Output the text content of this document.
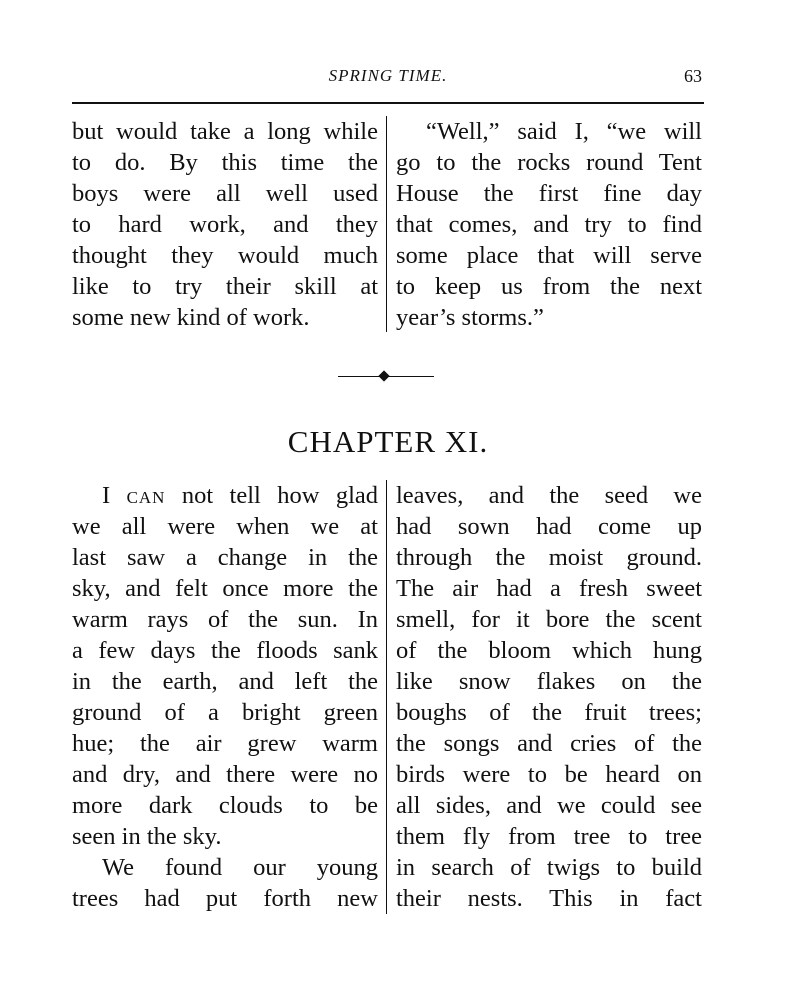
SPRING TIME.	63
but would take a long while
to do. By this time the
boys were all well used
to hard work, and they
thought they would much
like to try their skill at
some new kind of work.
“Well,” said I, “we will
go to the rocks round Tent
House the first fine day
that comes, and try to find
some place that will serve
to keep us from the next
year’s storms.”
CHAPTER XI.
I CAN not tell how glad
we all were when we at
last saw a change in the
sky, and felt once more the
warm rays of the sun. In
a few days the floods sank
in the earth, and left the
ground of a bright green
hue; the air grew warm
and dry, and there were no
more dark clouds to be
seen in the sky.
We found our young
trees had put forth new
leaves, and the seed we
had sown had come up
through the moist ground.
The air had a fresh sweet
smell, for it bore the scent
of the bloom which hung
like snow flakes on the
boughs of the fruit trees;
the songs and cries of the
birds were to be heard on
all sides, and we could see
them fly from tree to tree
in search of twigs to build
their nests. This in fact
